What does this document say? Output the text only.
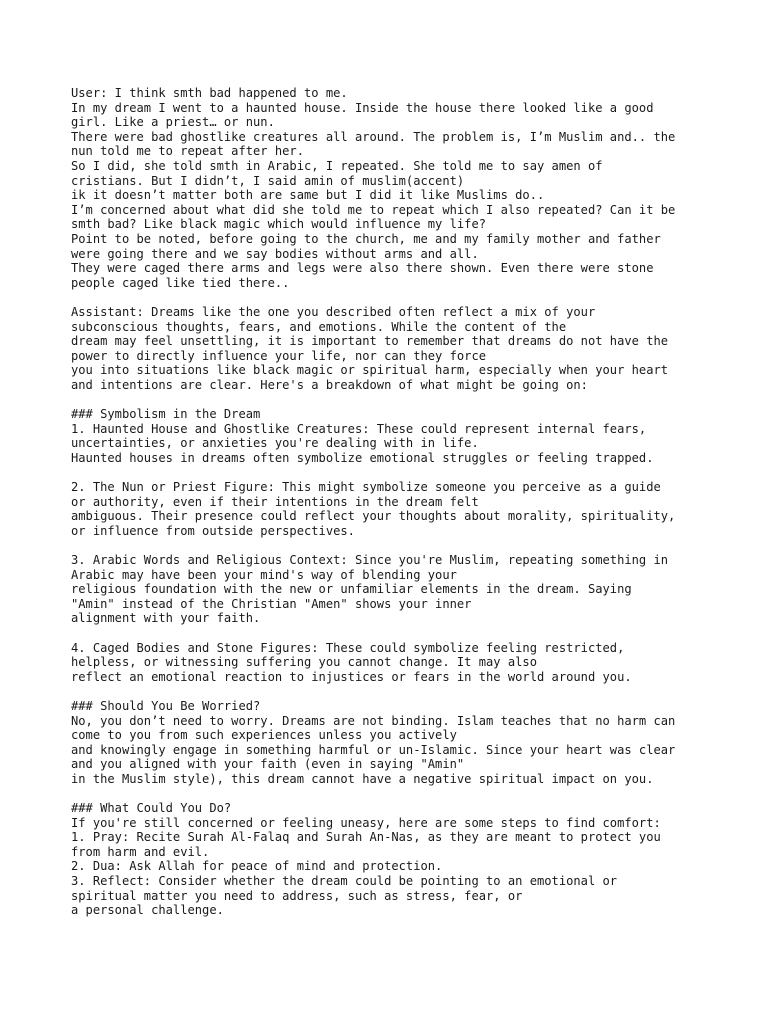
User: I think smth bad happened to me.
In my dream I went to a haunted house. Inside the house there looked like a good
girl. Like a priest… or nun.
There were bad ghostlike creatures all around. The problem is, I’m Muslim and.. the
nun told me to repeat after her.
So I did, she told smth in Arabic, I repeated. She told me to say amen of
cristians. But I didn’t, I said amin of muslim(accent)
ik it doesn’t matter both are same but I did it like Muslims do..
I’m concerned about what did she told me to repeat which I also repeated? Can it be
smth bad? Like black magic which would influence my life?
Point to be noted, before going to the church, me and my family mother and father
were going there and we say bodies without arms and all.
They were caged there arms and legs were also there shown. Even there were stone
people caged like tied there..
Assistant: Dreams like the one you described often reflect a mix of your
subconscious thoughts, fears, and emotions. While the content of the
dream may feel unsettling, it is important to remember that dreams do not have the
power to directly influence your life, nor can they force
you into situations like black magic or spiritual harm, especially when your heart
and intentions are clear. Here's a breakdown of what might be going on:
### Symbolism in the Dream
1. Haunted House and Ghostlike Creatures: These could represent internal fears,
uncertainties, or anxieties you're dealing with in life.
Haunted houses in dreams often symbolize emotional struggles or feeling trapped.
2. The Nun or Priest Figure: This might symbolize someone you perceive as a guide
or authority, even if their intentions in the dream felt
ambiguous. Their presence could reflect your thoughts about morality, spirituality,
or influence from outside perspectives.
3. Arabic Words and Religious Context: Since you're Muslim, repeating something in
Arabic may have been your mind's way of blending your
religious foundation with the new or unfamiliar elements in the dream. Saying
"Amin" instead of the Christian "Amen" shows your inner
alignment with your faith.
4. Caged Bodies and Stone Figures: These could symbolize feeling restricted,
helpless, or witnessing suffering you cannot change. It may also
reflect an emotional reaction to injustices or fears in the world around you.
### Should You Be Worried?
No, you don’t need to worry. Dreams are not binding. Islam teaches that no harm can
come to you from such experiences unless you actively
and knowingly engage in something harmful or un-Islamic. Since your heart was clear
and you aligned with your faith (even in saying "Amin"
in the Muslim style), this dream cannot have a negative spiritual impact on you.
### What Could You Do?
If you're still concerned or feeling uneasy, here are some steps to find comfort:
1. Pray: Recite Surah Al-Falaq and Surah An-Nas, as they are meant to protect you
from harm and evil.
2. Dua: Ask Allah for peace of mind and protection.
3. Reflect: Consider whether the dream could be pointing to an emotional or
spiritual matter you need to address, such as stress, fear, or
a personal challenge.
